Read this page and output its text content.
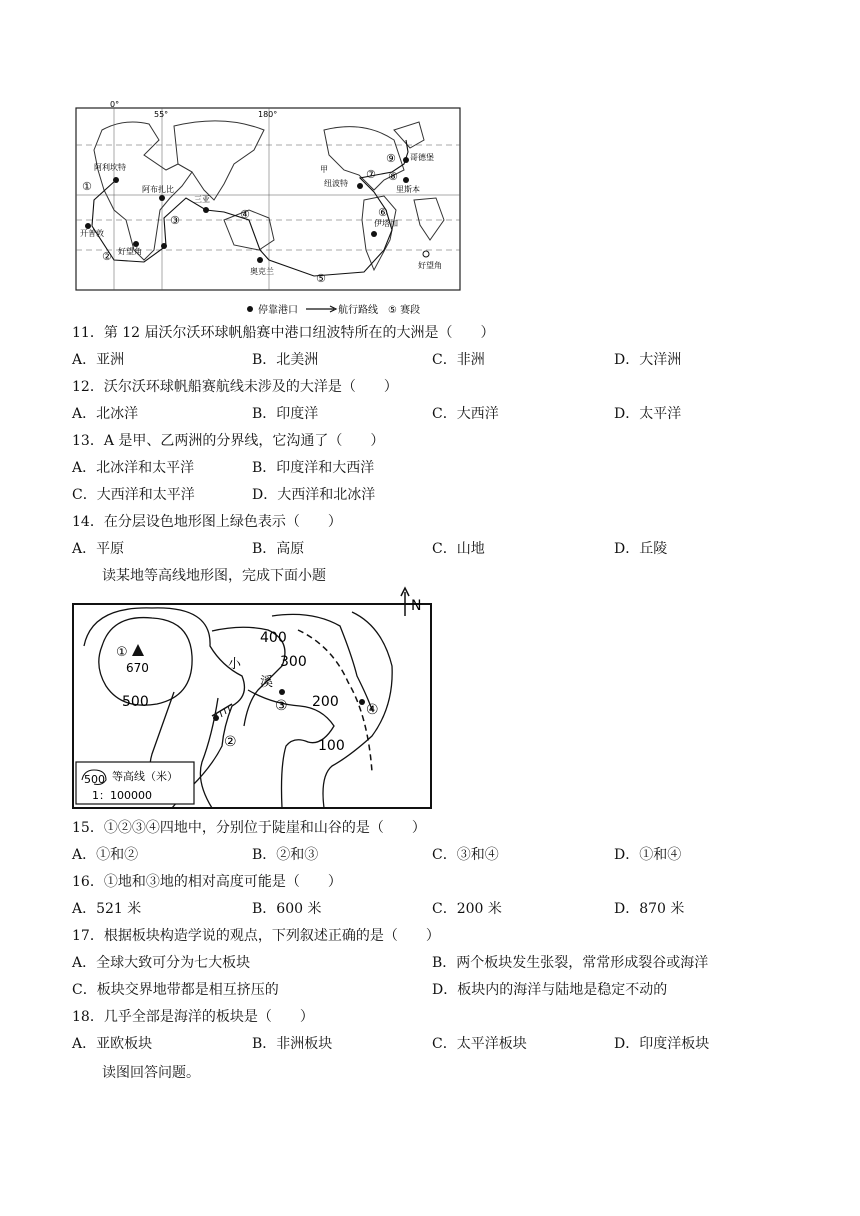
0°
55°	180°
阿利坎特
阿布扎比
开普敦
好望角
三亚
奥克兰
伊塔加
纽波特
里斯本
哥德堡
好望角
甲
①
②
③	④
⑤
⑥
⑦ ⑧
⑨
停靠港口	航行路线 ⑤ 赛段
11．第 12 届沃尔沃环球帆船赛中港口纽波特所在的大洲是（　　）
A．亚洲	B．北美洲	C．非洲	D．大洋洲
12．沃尔沃环球帆船赛航线未涉及的大洋是（　　）
A．北冰洋	B．印度洋	C．大西洋	D．太平洋
13．A 是甲、乙两洲的分界线，它沟通了（　　）
A．北冰洋和太平洋	B．印度洋和大西洋
C．大西洋和太平洋	D．大西洋和北冰洋
14．在分层设色地形图上绿色表示（　　）
A．平原	B．高原	C．山地	D．丘陵
读某地等高线地形图，完成下面小题
N
400
300
200
100
500
670	小
溪
①
②
③	④
500 等高线（米）
1：100000
15．①②③④四地中，分别位于陡崖和山谷的是（　　）
A．①和②	B．②和③	C．③和④	D．①和④
16．①地和③地的相对高度可能是（　　）
A．521 米	B．600 米	C．200 米	D．870 米
17．根据板块构造学说的观点，下列叙述正确的是（　　）
A．全球大致可分为七大板块	B．两个板块发生张裂，常常形成裂谷或海洋
C．板块交界地带都是相互挤压的	D．板块内的海洋与陆地是稳定不动的
18．几乎全部是海洋的板块是（　　）
A．亚欧板块	B．非洲板块	C．太平洋板块	D．印度洋板块
读图回答问题。
